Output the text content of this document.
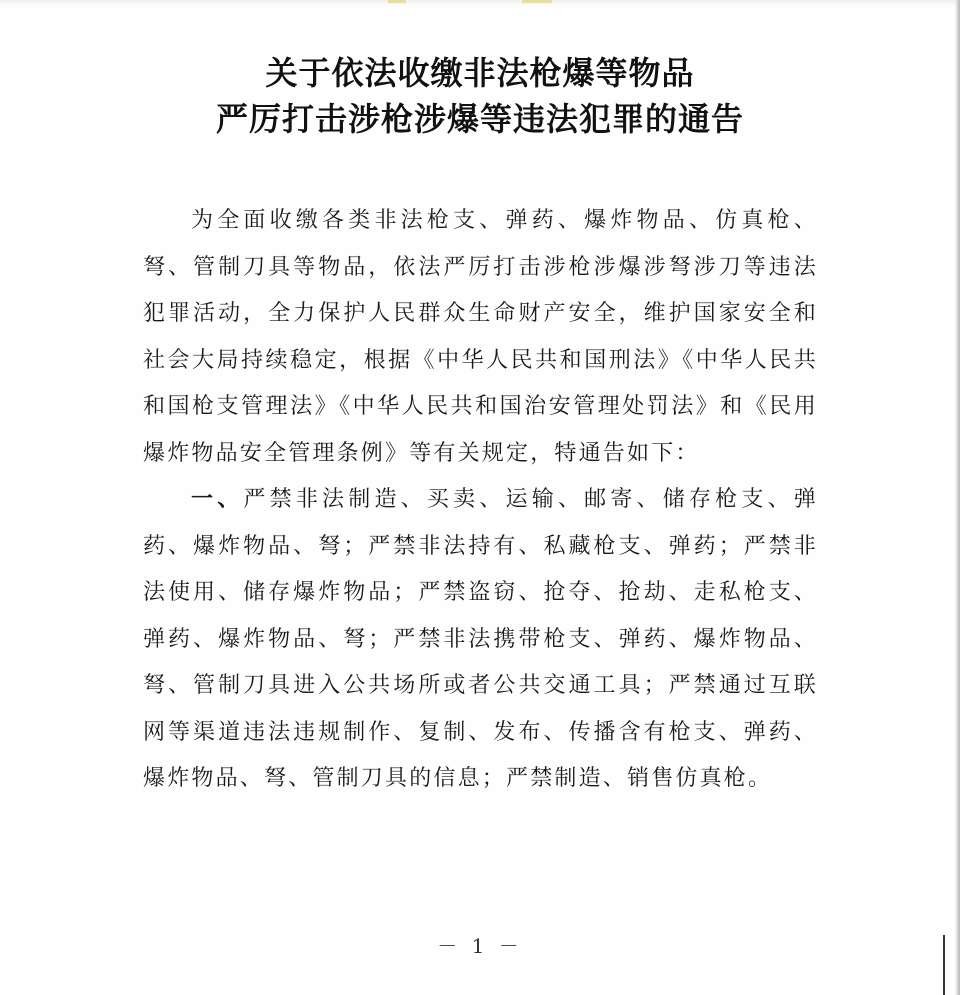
关于依法收缴非法枪爆等物品
严厉打击涉枪涉爆等违法犯罪的通告

为全面收缴各类非法枪支、弹药、爆炸物品、仿真枪、弩、管制刀具等物品，依法严厉打击涉枪涉爆涉弩涉刀等违法犯罪活动，全力保护人民群众生命财产安全，维护国家安全和社会大局持续稳定，根据《中华人民共和国刑法》《中华人民共和国枪支管理法》《中华人民共和国治安管理处罚法》和《民用爆炸物品安全管理条例》等有关规定，特通告如下：

一、严禁非法制造、买卖、运输、邮寄、储存枪支、弹药、爆炸物品、弩；严禁非法持有、私藏枪支、弹药；严禁非法使用、储存爆炸物品；严禁盗窃、抢夺、抢劫、走私枪支、弹药、爆炸物品、弩；严禁非法携带枪支、弹药、爆炸物品、弩、管制刀具进入公共场所或者公共交通工具；严禁通过互联网等渠道违法违规制作、复制、发布、传播含有枪支、弹药、爆炸物品、弩、管制刀具的信息；严禁制造、销售仿真枪。

－ 1 －
